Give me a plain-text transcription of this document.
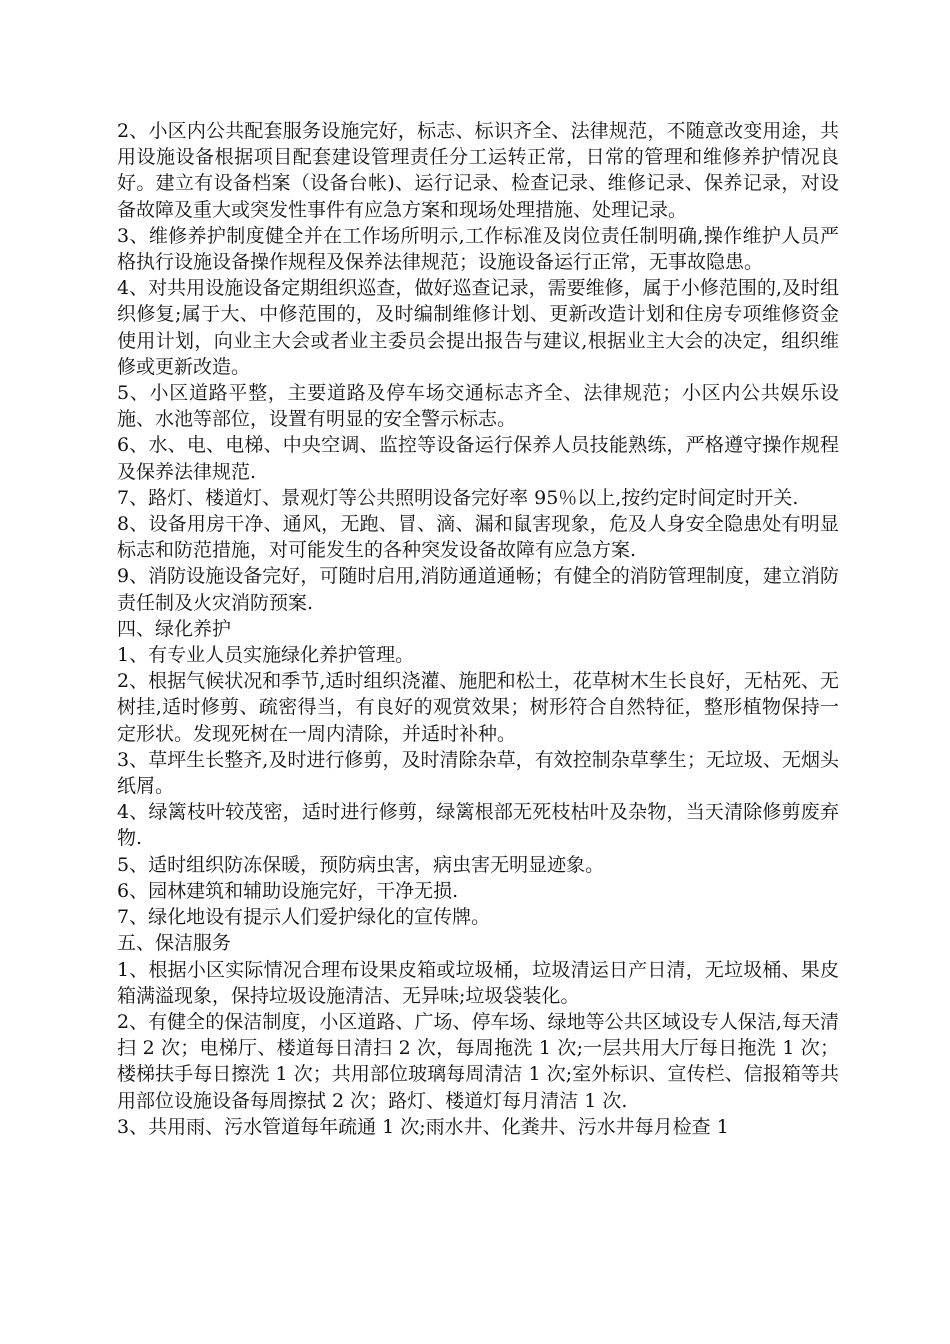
2、小区内公共配套服务设施完好，标志、标识齐全、法律规范，不随意改变用途，共用设施设备根据项目配套建设管理责任分工运转正常，日常的管理和维修养护情况良好。建立有设备档案（设备台帐)、运行记录、检查记录、维修记录、保养记录，对设备故障及重大或突发性事件有应急方案和现场处理措施、处理记录。

3、维修养护制度健全并在工作场所明示,工作标准及岗位责任制明确,操作维护人员严格执行设施设备操作规程及保养法律规范；设施设备运行正常，无事故隐患。

4、对共用设施设备定期组织巡查，做好巡查记录，需要维修，属于小修范围的,及时组织修复;属于大、中修范围的，及时编制维修计划、更新改造计划和住房专项维修资金使用计划，向业主大会或者业主委员会提出报告与建议,根据业主大会的决定，组织维修或更新改造。

5、小区道路平整，主要道路及停车场交通标志齐全、法律规范；小区内公共娱乐设施、水池等部位，设置有明显的安全警示标志。

6、水、电、电梯、中央空调、监控等设备运行保养人员技能熟练，严格遵守操作规程及保养法律规范.

7、路灯、楼道灯、景观灯等公共照明设备完好率 95％以上,按约定时间定时开关.

8、设备用房干净、通风，无跑、冒、滴、漏和鼠害现象，危及人身安全隐患处有明显标志和防范措施，对可能发生的各种突发设备故障有应急方案.

9、消防设施设备完好，可随时启用,消防通道通畅；有健全的消防管理制度，建立消防责任制及火灾消防预案.

四、绿化养护

1、有专业人员实施绿化养护管理。

2、根据气候状况和季节,适时组织浇灌、施肥和松土，花草树木生长良好，无枯死、无树挂,适时修剪、疏密得当，有良好的观赏效果；树形符合自然特征，整形植物保持一定形状。发现死树在一周内清除，并适时补种。

3、草坪生长整齐,及时进行修剪，及时清除杂草，有效控制杂草孳生；无垃圾、无烟头纸屑。

4、绿篱枝叶较茂密，适时进行修剪，绿篱根部无死枝枯叶及杂物，当天清除修剪废弃物.

5、适时组织防冻保暖，预防病虫害，病虫害无明显迹象。

6、园林建筑和辅助设施完好，干净无损.

7、绿化地设有提示人们爱护绿化的宣传牌。

五、保洁服务

1、根据小区实际情况合理布设果皮箱或垃圾桶，垃圾清运日产日清，无垃圾桶、果皮箱满溢现象，保持垃圾设施清洁、无异味;垃圾袋装化。

2、有健全的保洁制度，小区道路、广场、停车场、绿地等公共区域设专人保洁,每天清扫 2 次；电梯厅、楼道每日清扫 2 次，每周拖洗 1 次;一层共用大厅每日拖洗 1 次；楼梯扶手每日擦洗 1 次；共用部位玻璃每周清洁 1 次;室外标识、宣传栏、信报箱等共用部位设施设备每周擦拭 2 次；路灯、楼道灯每月清洁 1 次.

3、共用雨、污水管道每年疏通 1 次;雨水井、化粪井、污水井每月检查 1
